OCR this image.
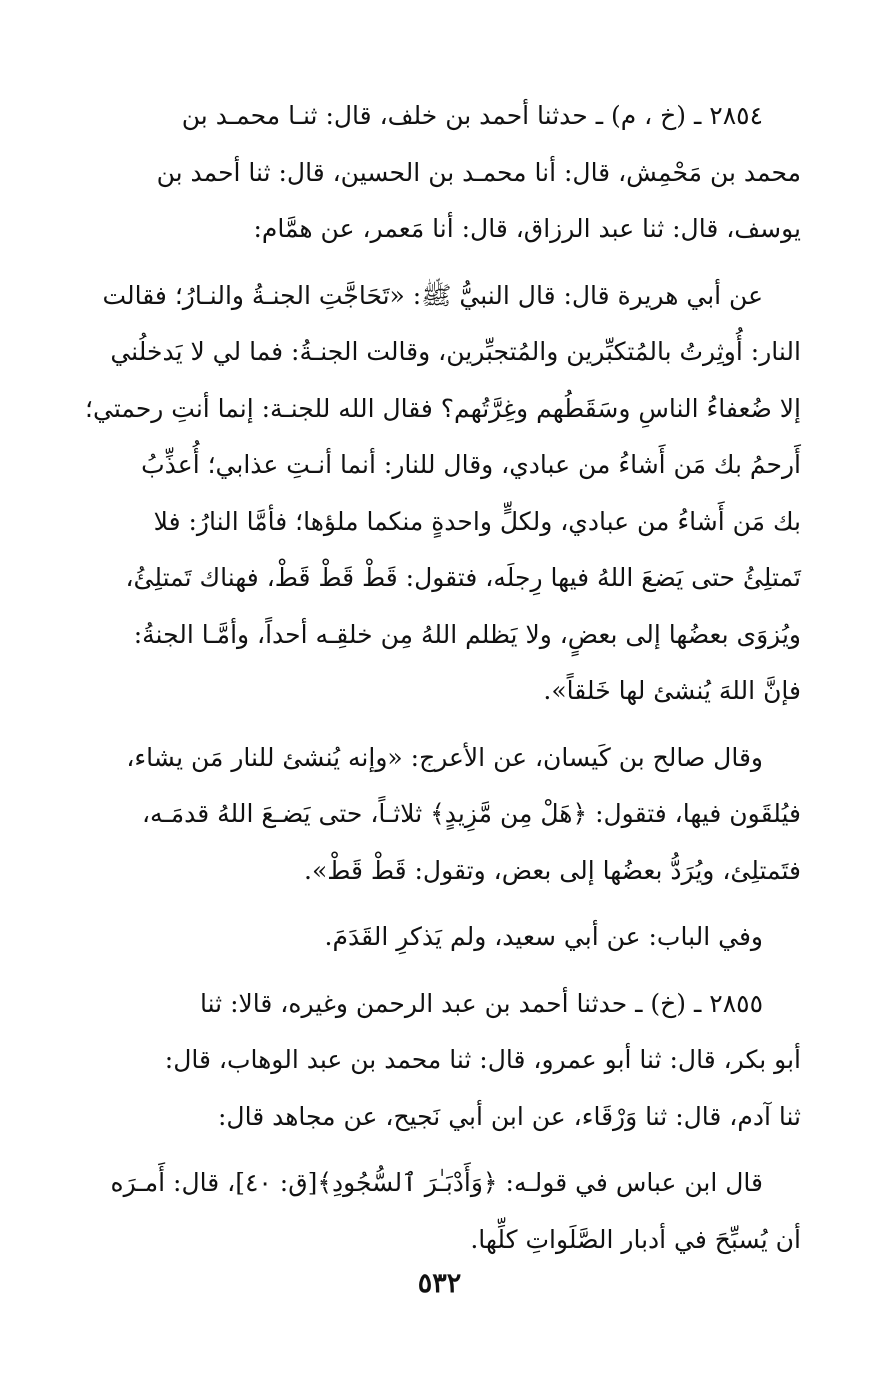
٢٨٥٤ ـ (خ ، م) ـ حدثنا أحمد بن خلف، قال: ثنـا محمـد بن
محمد بن مَحْمِش، قال: أنا محمـد بن الحسين، قال: ثنا أحمد بن
يوسف، قال: ثنا عبد الرزاق، قال: أنا مَعمر، عن همَّام:
عن أبي هريرة قال: قال النبيُّ ﷺ: «تَحَاجَّتِ الجنـةُ والنـارُ؛ فقالت
النار: أُوثِرتُ بالمُتكبِّرين والمُتجبِّرين، وقالت الجنـةُ: فما لي لا يَدخلُني
إلا ضُعفاءُ الناسِ وسَقَطُهم وغِرَّتُهم؟ فقال الله للجنـة: إنما أنتِ رحمتي؛
أَرحمُ بك مَن أَشاءُ من عبادي، وقال للنار: أنما أنـتِ عذابي؛ أُعذِّبُ
بك مَن أَشاءُ من عبادي، ولكلٍّ واحدةٍ منكما ملؤها؛ فأمَّا النارُ: فلا
تَمتلِئُ حتى يَضعَ اللهُ فيها رِجلَه، فتقول: قَطْ قَطْ قَطْ، فهناك تَمتلِئُ،
ويُزوَى بعضُها إلى بعضٍ، ولا يَظلم اللهُ مِن خلقِـه أحداً، وأمَّـا الجنةُ:
فإنَّ اللهَ يُنشئ لها خَلقاً».
وقال صالح بن كَيسان، عن الأعرج: «وإنه يُنشئ للنار مَن يشاء،
فيُلقَون فيها، فتقول: ﴿هَلْ مِن مَّزِيدٍ﴾ ثلاثـاً، حتى يَضـعَ اللهُ قدمَـه،
فتَمتلِئ، ويُرَدُّ بعضُها إلى بعض، وتقول: قَطْ قَطْ».
وفي الباب: عن أبي سعيد، ولم يَذكرِ القَدَمَ.
٢٨٥٥ ـ (خ) ـ حدثنا أحمد بن عبد الرحمن وغيره، قالا: ثنا
أبو بكر، قال: ثنا أبو عمرو، قال: ثنا محمد بن عبد الوهاب، قال:
ثنا آدم، قال: ثنا وَرْقَاء، عن ابن أبي نَجيح، عن مجاهد قال:
قال ابن عباس في قولـه: ﴿وَأَدْبَـٰرَ ٱلسُّجُودِ﴾[ق: ٤٠]، قال: أَمـرَه
أن يُسبِّحَ في أدبار الصَّلَواتِ كلِّها.
٥٣٢
